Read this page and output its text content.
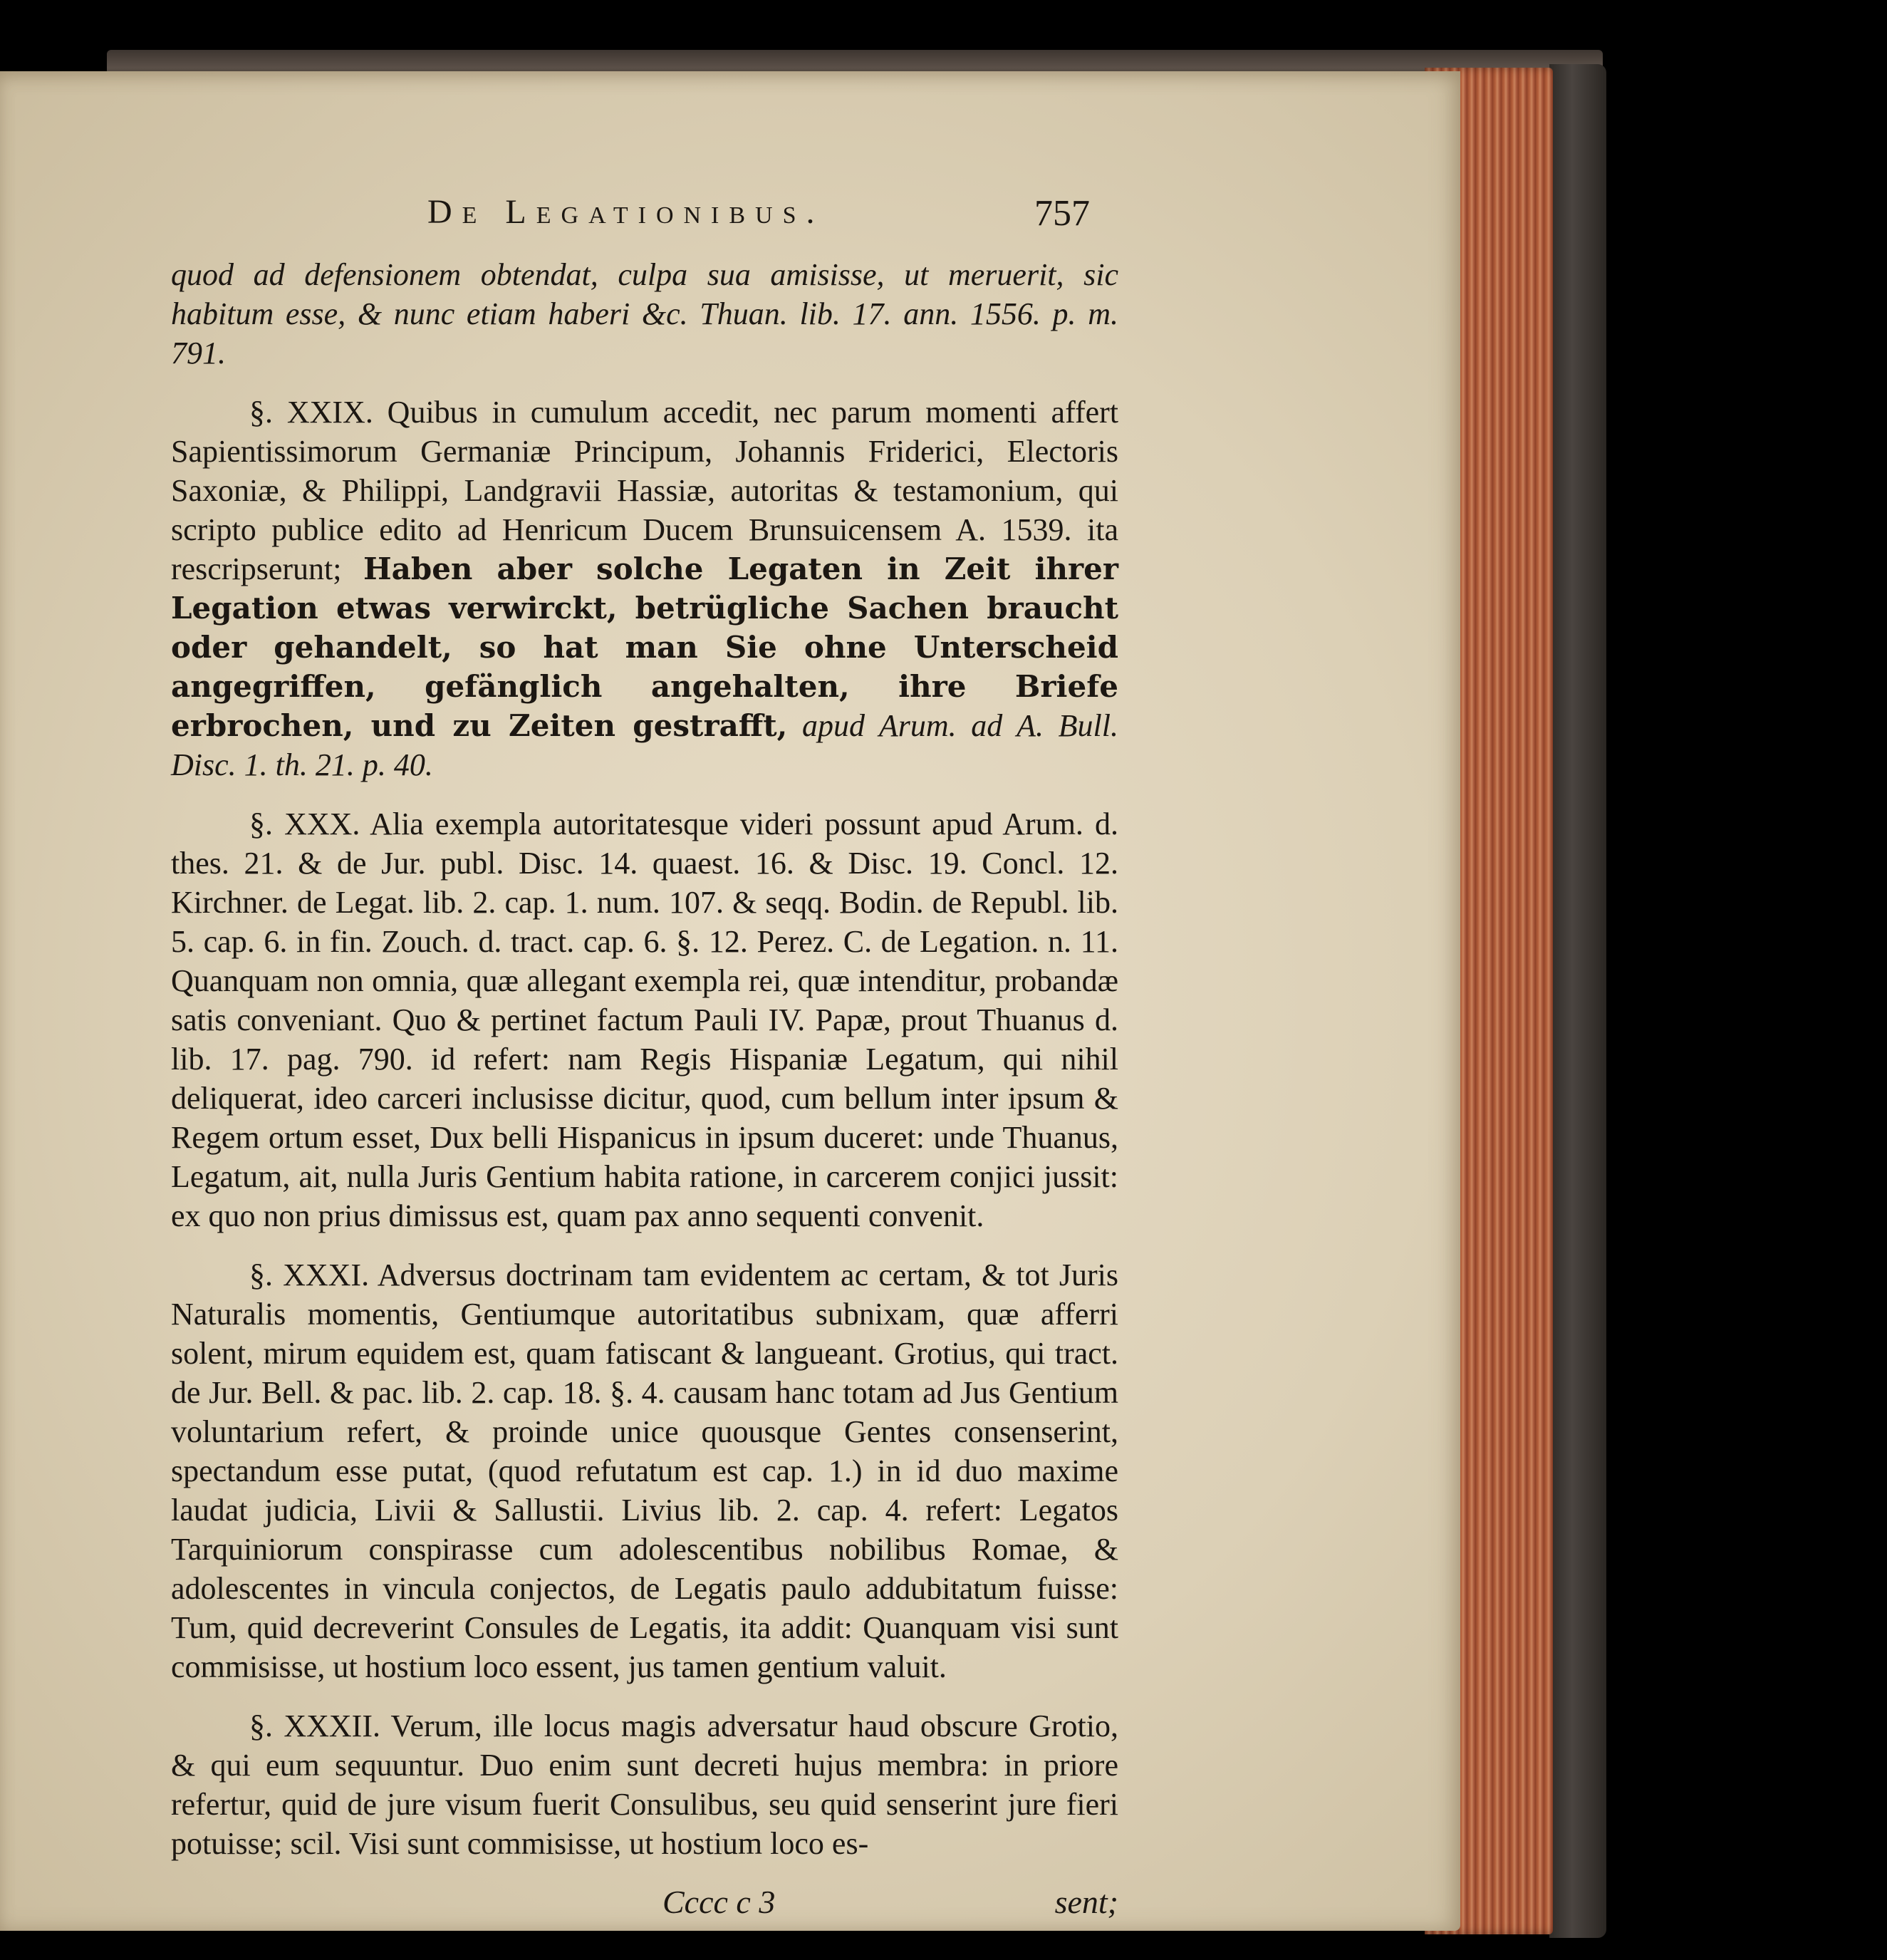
De Legationibus.	757

quod ad defensionem obtendat, culpa sua amisisse, ut meruerit, sic habitum esse, & nunc etiam haberi &c. Thuan. lib. 17. ann. 1556. p. m. 791.

§. XXIX. Quibus in cumulum accedit, nec parum momenti affert Sapientissimorum Germaniæ Principum, Johannis Friderici, Electoris Saxoniæ, & Philippi, Landgravii Hassiæ, autoritas & testamonium, qui scripto publice edito ad Henricum Ducem Brunsuicensem A. 1539. ita rescripserunt; Haben aber solche Legaten in Zeit ihrer Legation etwas verwirckt, betrügliche Sachen braucht oder gehandelt, so hat man Sie ohne Unterscheid angegriffen, gefänglich angehalten, ihre Briefe erbrochen, und zu Zeiten gestrafft, apud Arum. ad A. Bull. Disc. 1. th. 21. p. 40.

§. XXX. Alia exempla autoritatesque videri possunt apud Arum. d. thes. 21. & de Jur. publ. Disc. 14. quaest. 16. & Disc. 19. Concl. 12. Kirchner. de Legat. lib. 2. cap. 1. num. 107. & seqq. Bodin. de Republ. lib. 5. cap. 6. in fin. Zouch. d. tract. cap. 6. §. 12. Perez. C. de Legation. n. 11. Quanquam non omnia, quæ allegant exempla rei, quæ intenditur, probandæ satis conveniant. Quo & pertinet factum Pauli IV. Papæ, prout Thuanus d. lib. 17. pag. 790. id refert: nam Regis Hispaniæ Legatum, qui nihil deliquerat, ideo carceri inclusisse dicitur, quod, cum bellum inter ipsum & Regem ortum esset, Dux belli Hispanicus in ipsum duceret: unde Thuanus, Legatum, ait, nulla Juris Gentium habita ratione, in carcerem conjici jussit: ex quo non prius dimissus est, quam pax anno sequenti convenit.

§. XXXI. Adversus doctrinam tam evidentem ac certam, & tot Juris Naturalis momentis, Gentiumque autoritatibus subnixam, quæ afferri solent, mirum equidem est, quam fatiscant & langueant. Grotius, qui tract. de Jur. Bell. & pac. lib. 2. cap. 18. §. 4. causam hanc totam ad Jus Gentium voluntarium refert, & proinde unice quousque Gentes consenserint, spectandum esse putat, (quod refutatum est cap. 1.) in id duo maxime laudat judicia, Livii & Sallustii. Livius lib. 2. cap. 4. refert: Legatos Tarquiniorum conspirasse cum adolescentibus nobilibus Romae, & adolescentes in vincula conjectos, de Legatis paulo addubitatum fuisse: Tum, quid decreverint Consules de Legatis, ita addit: Quanquam visi sunt commisisse, ut hostium loco essent, jus tamen gentium valuit.

§. XXXII. Verum, ille locus magis adversatur haud obscure Grotio, & qui eum sequuntur. Duo enim sunt decreti hujus membra: in priore refertur, quid de jure visum fuerit Consulibus, seu quid senserint jure fieri potuisse; scil. Visi sunt commisisse, ut hostium loco es-

Cccc c 3	sent;
